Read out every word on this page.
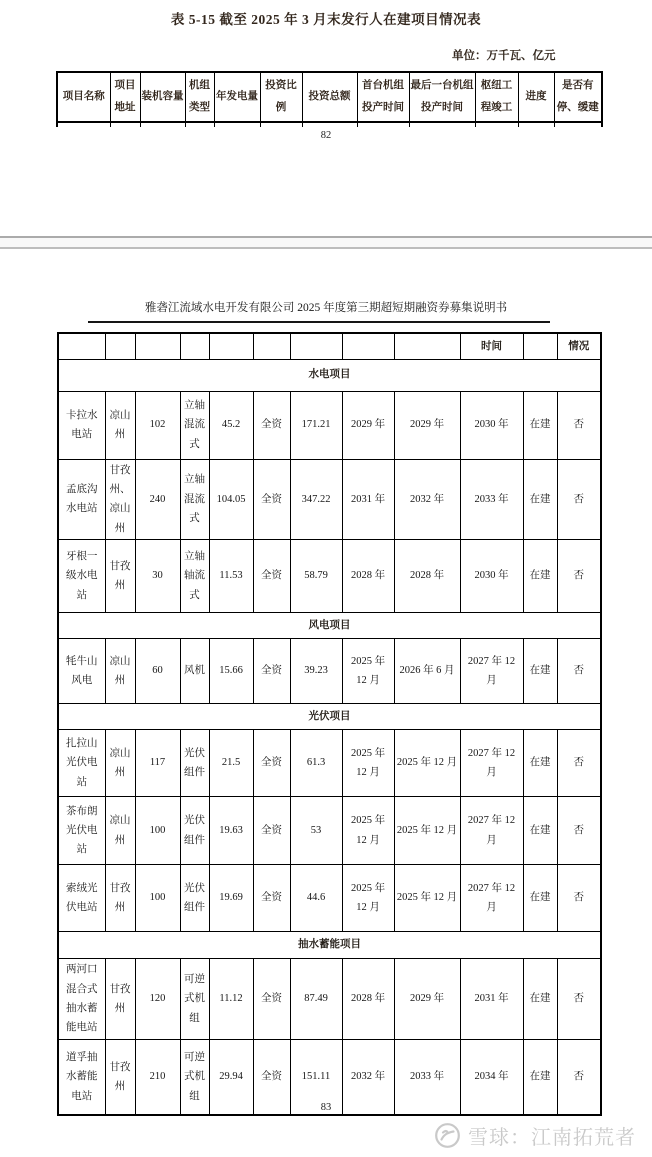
表 5-15 截至 2025 年 3 月末发行人在建项目情况表
单位：万千瓦、亿元
项目名称	项目地址	装机容量	机组类型	年发电量	投资比例	投资总额	首台机组投产时间	最后一台机组投产时间	枢纽工程竣工	进度	是否有停、缓建

82
雅砻江流域水电开发有限公司 2025 年度第三期超短期融资券募集说明书
									时间		情况
水电项目											
卡拉水电站	凉山州	102	立轴混流式	45.2	全资	171.21	2029 年	2029 年	2030 年	在建	否
孟底沟水电站	甘孜州、凉山州	240	立轴混流式	104.05	全资	347.22	2031 年	2032 年	2033 年	在建	否
牙根一级水电站	甘孜州	30	立轴轴流式	11.53	全资	58.79	2028 年	2028 年	2030 年	在建	否
风电项目											
牦牛山风电	凉山州	60	风机	15.66	全资	39.23	2025 年 12 月	2026 年 6 月	2027 年 12 月	在建	否
光伏项目											
扎拉山光伏电站	凉山州	117	光伏组件	21.5	全资	61.3	2025 年 12 月	2025 年 12 月	2027 年 12 月	在建	否
茶布朗光伏电站	凉山州	100	光伏组件	19.63	全资	53	2025 年 12 月	2025 年 12 月	2027 年 12 月	在建	否
索绒光伏电站	甘孜州	100	光伏组件	19.69	全资	44.6	2025 年 12 月	2025 年 12 月	2027 年 12 月	在建	否
抽水蓄能项目											
两河口混合式抽水蓄能电站	甘孜州	120	可逆式机组	11.12	全资	87.49	2028 年	2029 年	2031 年	在建	否
道孚抽水蓄能电站	甘孜州	210	可逆式机组	29.94	全资	151.11	2032 年	2033 年	2034 年	在建	否
83
雪球：江南拓荒者
